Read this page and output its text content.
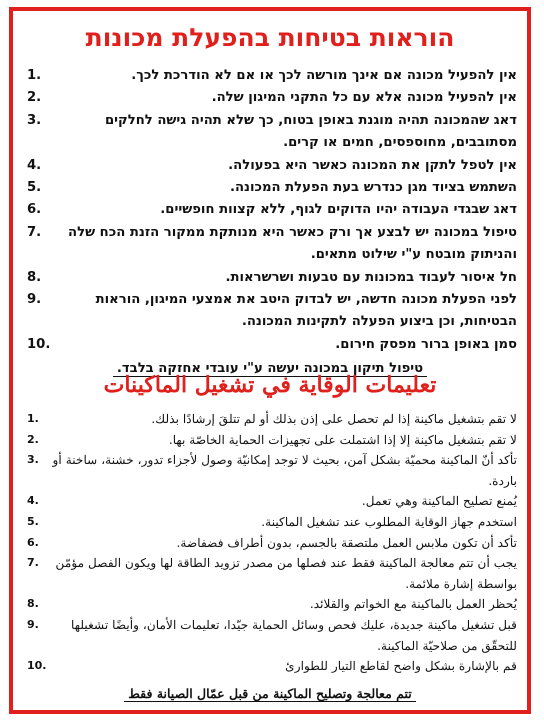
הוראות בטיחות בהפעלת מכונות
אין להפעיל מכונה אם אינך מורשה לכך או אם לא הודרכת לכך.
1.
אין להפעיל מכונה אלא עם כל התקני המיגון שלה.
2.
דאג שהמכונה תהיה מוגנת באופן בטוח, כך שלא תהיה גישה לחלקים מסתובבים, מחוספסים, חמים או קרים.
3.
אין לטפל לתקן את המכונה כאשר היא בפעולה.
4.
השתמש בציוד מגן כנדרש בעת הפעלת המכונה.
5.
דאג שבגדי העבודה יהיו הדוקים לגוף, ללא קצוות חופשיים.
6.
טיפול במכונה יש לבצע אך ורק כאשר היא מנותקת ממקור הזנת הכח שלה והניתוק מובטח ע"י שילוט מתאים.
7.
חל איסור לעבוד במכונות עם טבעות ושרשראות.
8.
לפני הפעלת מכונה חדשה, יש לבדוק היטב את אמצעי המיגון, הוראות הבטיחות, וכן ביצוע הפעלה לתקינות המכונה.
9.
סמן באופן ברור מפסק חירום.
10.
טיפול תיקון במכונה יעשה ע"י עובדי אחזקה בלבד.
تعليمات الوقاية في تشغيل الماكينات
لا تقم بتشغيل ماكينة إذا لم تحصل على إذن بذلك أو لم تتلقَ إرشادًا بذلك.
1.
لا تقم بتشغيل ماكينة إلا إذا اشتملت على تجهيزات الحماية الخاصّة بها.
2.
تأكد أنّ الماكينة محميّة بشكل آمن، بحيث لا توجد إمكانيّة وصول لأجزاء تدور، خشنة، ساخنة أو باردة.
3.
يُمنع تصليح الماكينة وهي تعمل.
4.
استخدم جهاز الوقاية المطلوب عند تشغيل الماكينة.
5.
تأكد أن تكون ملابس العمل ملتصقة بالجسم، بدون أطراف فضفاضة.
6.
يجب أن تتم معالجة الماكينة فقط عند فصلها من مصدر تزويد الطاقة لها ويكون الفصل مؤمّن بواسطة إشارة ملائمة.
7.
يُحظر العمل بالماكينة مع الخواتم والقلائد.
8.
قبل تشغيل ماكينة جديدة، عليك فحص وسائل الحماية جيّدا، تعليمات الأمان، وأيضًا تشغيلها للتحقّق من صلاحيّة الماكينة.
9.
قم بالإشارة بشكل واضح لقاطع التيار للطوارئ
10.
تتم معالجة وتصليح الماكينة من قبل عمّال الصيانة فقط
